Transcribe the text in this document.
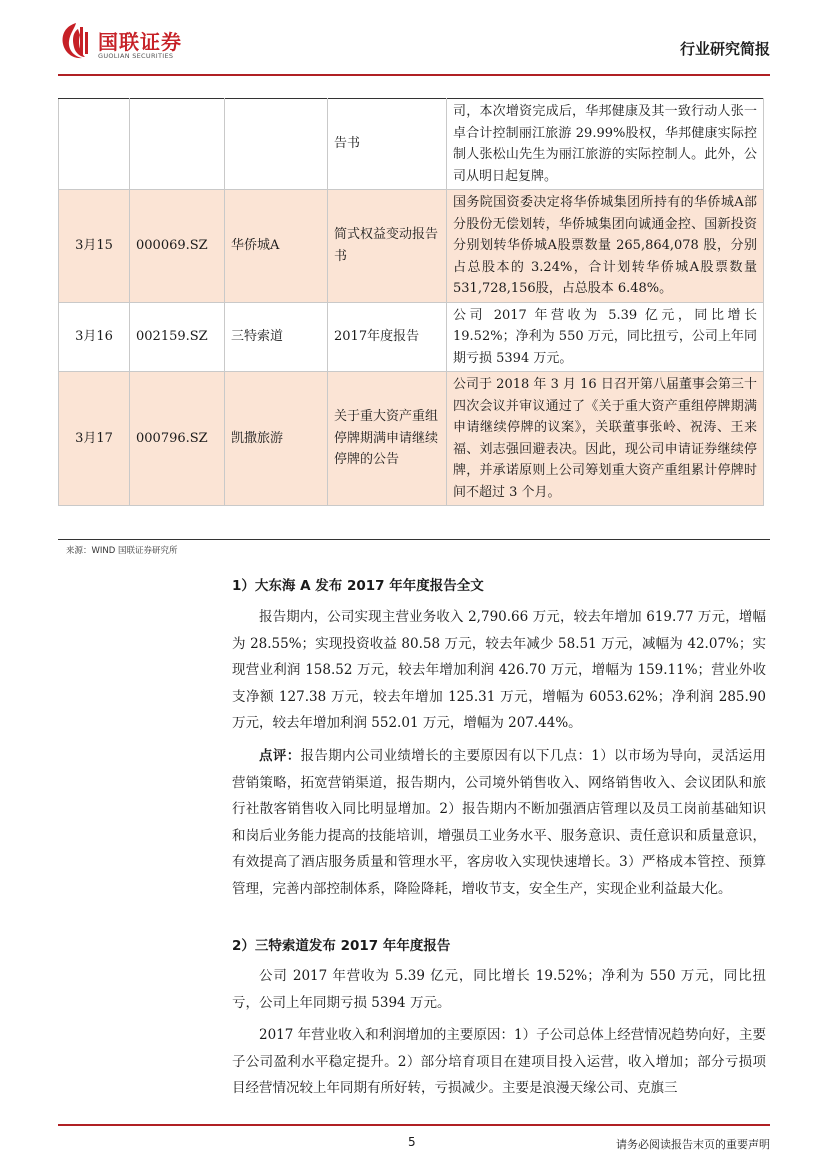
国联证券
GUOLIAN SECURITIES	行业研究简报
			告书	司，本次增资完成后，华邦健康及其一致行动人张一卓合计控制丽江旅游 29.99%股权，华邦健康实际控制人张松山先生为丽江旅游的实际控制人。此外，公司从明日起复牌。
3月15	000069.SZ	华侨城A	简式权益变动报告书	国务院国资委决定将华侨城集团所持有的华侨城A部分股份无偿划转，华侨城集团向诚通金控、国新投资分别划转华侨城A股票数量 265,864,078 股，分别占总股本的 3.24%，合计划转华侨城A股票数量 531,728,156股，占总股本 6.48%。
3月16	002159.SZ	三特索道	2017年度报告	公司 2017 年营收为 5.39 亿元，同比增长 19.52%；净利为 550 万元，同比扭亏，公司上年同期亏损 5394 万元。
3月17	000796.SZ	凯撒旅游	关于重大资产重组停牌期满申请继续停牌的公告	公司于 2018 年 3 月 16 日召开第八届董事会第三十四次会议并审议通过了《关于重大资产重组停牌期满申请继续停牌的议案》，关联董事张岭、祝涛、王来福、刘志强回避表决。因此，现公司申请证券继续停牌，并承诺原则上公司筹划重大资产重组累计停牌时间不超过 3 个月。
来源：WIND 国联证券研究所
1）大东海 A 发布 2017 年年度报告全文

报告期内，公司实现主营业务收入 2,790.66 万元，较去年增加 619.77 万元，增幅为 28.55%；实现投资收益 80.58 万元，较去年减少 58.51 万元，减幅为 42.07%；实现营业利润 158.52 万元，较去年增加利润 426.70 万元，增幅为 159.11%；营业外收支净额 127.38 万元，较去年增加 125.31 万元，增幅为 6053.62%；净利润 285.90 万元，较去年增加利润 552.01 万元，增幅为 207.44%。

点评：报告期内公司业绩增长的主要原因有以下几点：1）以市场为导向，灵活运用营销策略，拓宽营销渠道，报告期内，公司境外销售收入、网络销售收入、会议团队和旅行社散客销售收入同比明显增加。2）报告期内不断加强酒店管理以及员工岗前基础知识和岗后业务能力提高的技能培训，增强员工业务水平、服务意识、责任意识和质量意识，有效提高了酒店服务质量和管理水平，客房收入实现快速增长。3）严格成本管控、预算管理，完善内部控制体系，降险降耗，增收节支，安全生产，实现企业利益最大化。

2）三特索道发布 2017 年年度报告

公司 2017 年营收为 5.39 亿元，同比增长 19.52%；净利为 550 万元，同比扭亏，公司上年同期亏损 5394 万元。

2017 年营业收入和利润增加的主要原因：1）子公司总体上经营情况趋势向好，主要子公司盈利水平稳定提升。2）部分培育项目在建项目投入运营，收入增加；部分亏损项目经营情况较上年同期有所好转，亏损减少。主要是浪漫天缘公司、克旗三

5	请务必阅读报告末页的重要声明
